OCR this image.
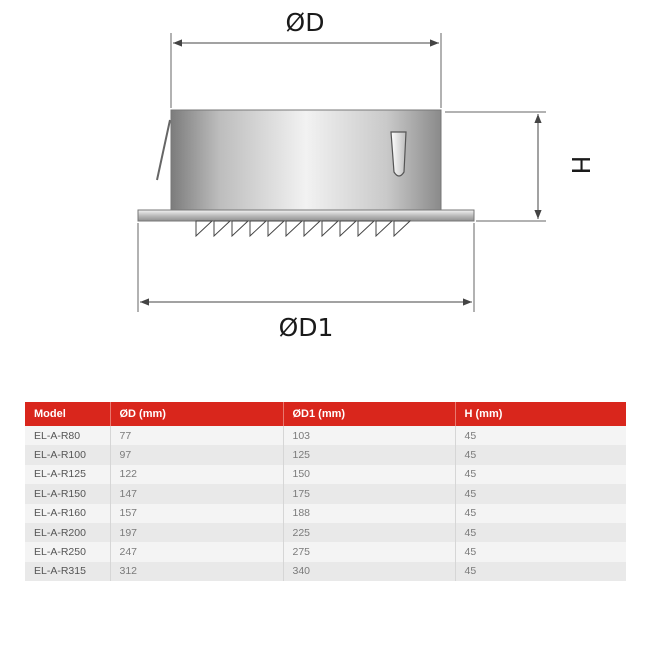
ØD
H
ØD1
Model	ØD (mm)	ØD1 (mm)	H (mm)
EL-A-R80	77	103	45
EL-A-R100	97	125	45
EL-A-R125	122	150	45
EL-A-R150	147	175	45
EL-A-R160	157	188	45
EL-A-R200	197	225	45
EL-A-R250	247	275	45
EL-A-R315	312	340	45
